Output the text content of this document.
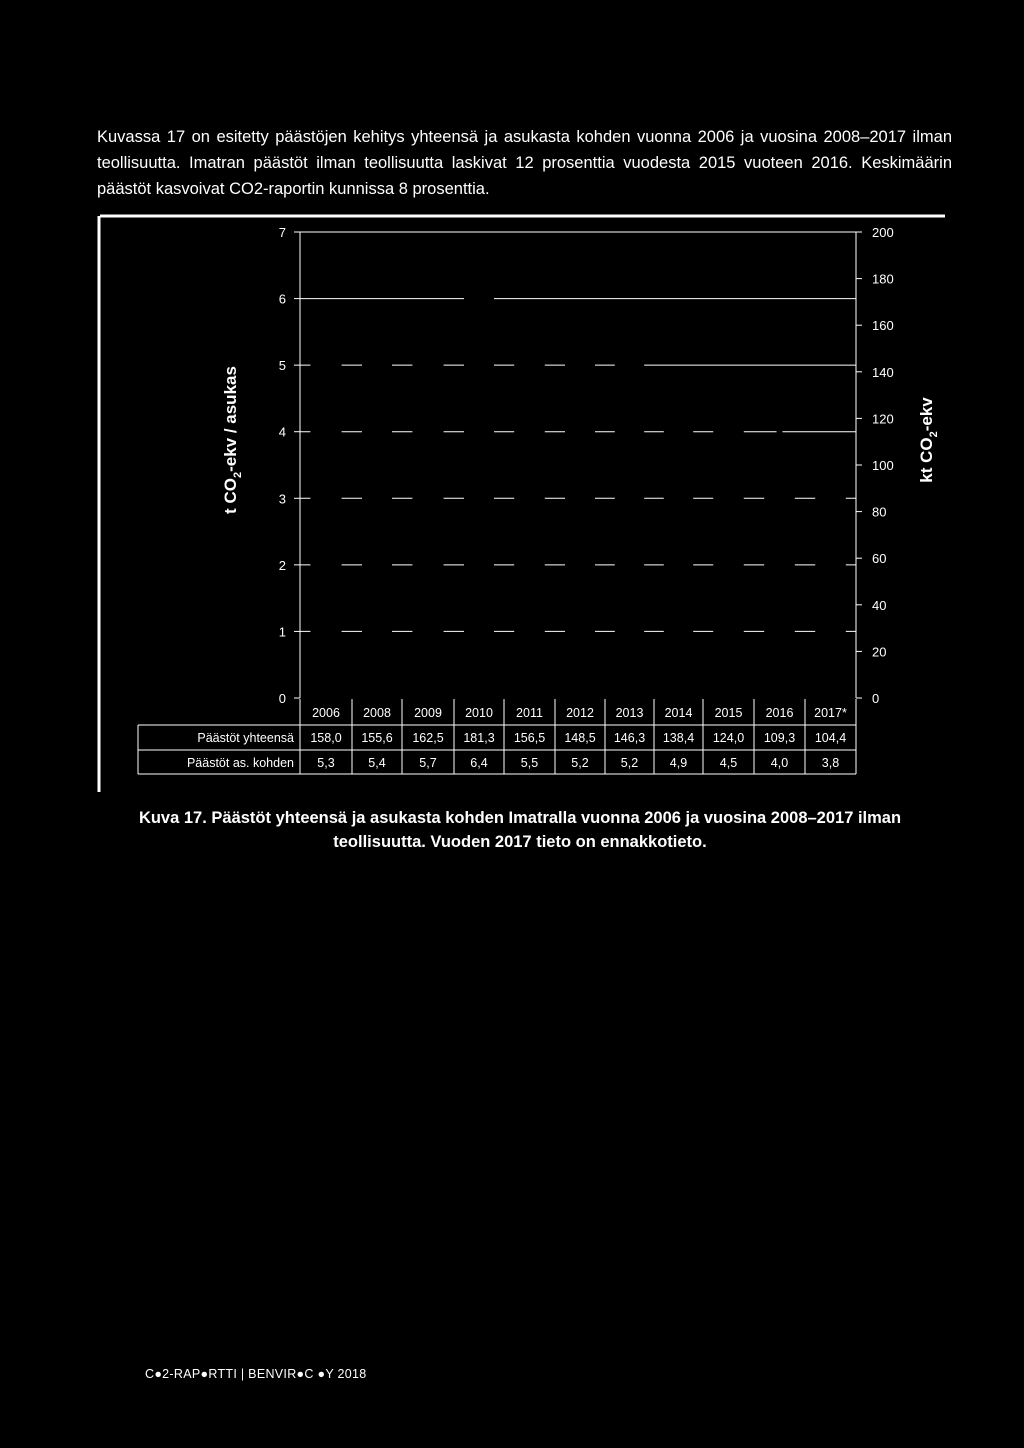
Kuvassa 17 on esitetty päästöjen kehitys yhteensä ja asukasta kohden vuonna 2006 ja vuosina 2008–2017 ilman teollisuutta. Imatran päästöt ilman teollisuutta laskivat 12 prosenttia vuodesta 2015 vuoteen 2016. Keskimäärin päästöt kasvoivat CO2-raportin kunnissa 8 prosenttia.

0
1
2
3
4
5
6
7
0
20
40
60
80
100
120
140
160
180
200
t $CO_2$-ekv / asukas	kt $CO_2$-ekv
2006 2008 2009 2010 2011 2012 2013 2014 2015 2016 2017*
Päästöt yhteensä 158,0 155,6 162,5 181,3 156,5 148,5 146,3 138,4 124,0 109,3 104,4
Päästöt as. kohden 5,3	5,4	5,7	6,4	5,5	5,2	5,2	4,9	4,5	4,0	3,8
Kuva 17. Päästöt yhteensä ja asukasta kohden Imatralla vuonna 2006 ja vuosina 2008–2017 ilman teollisuutta. Vuoden 2017 tieto on ennakkotieto.
C●2-RAP●RTTI | BENVIR●C ●Y 2018
